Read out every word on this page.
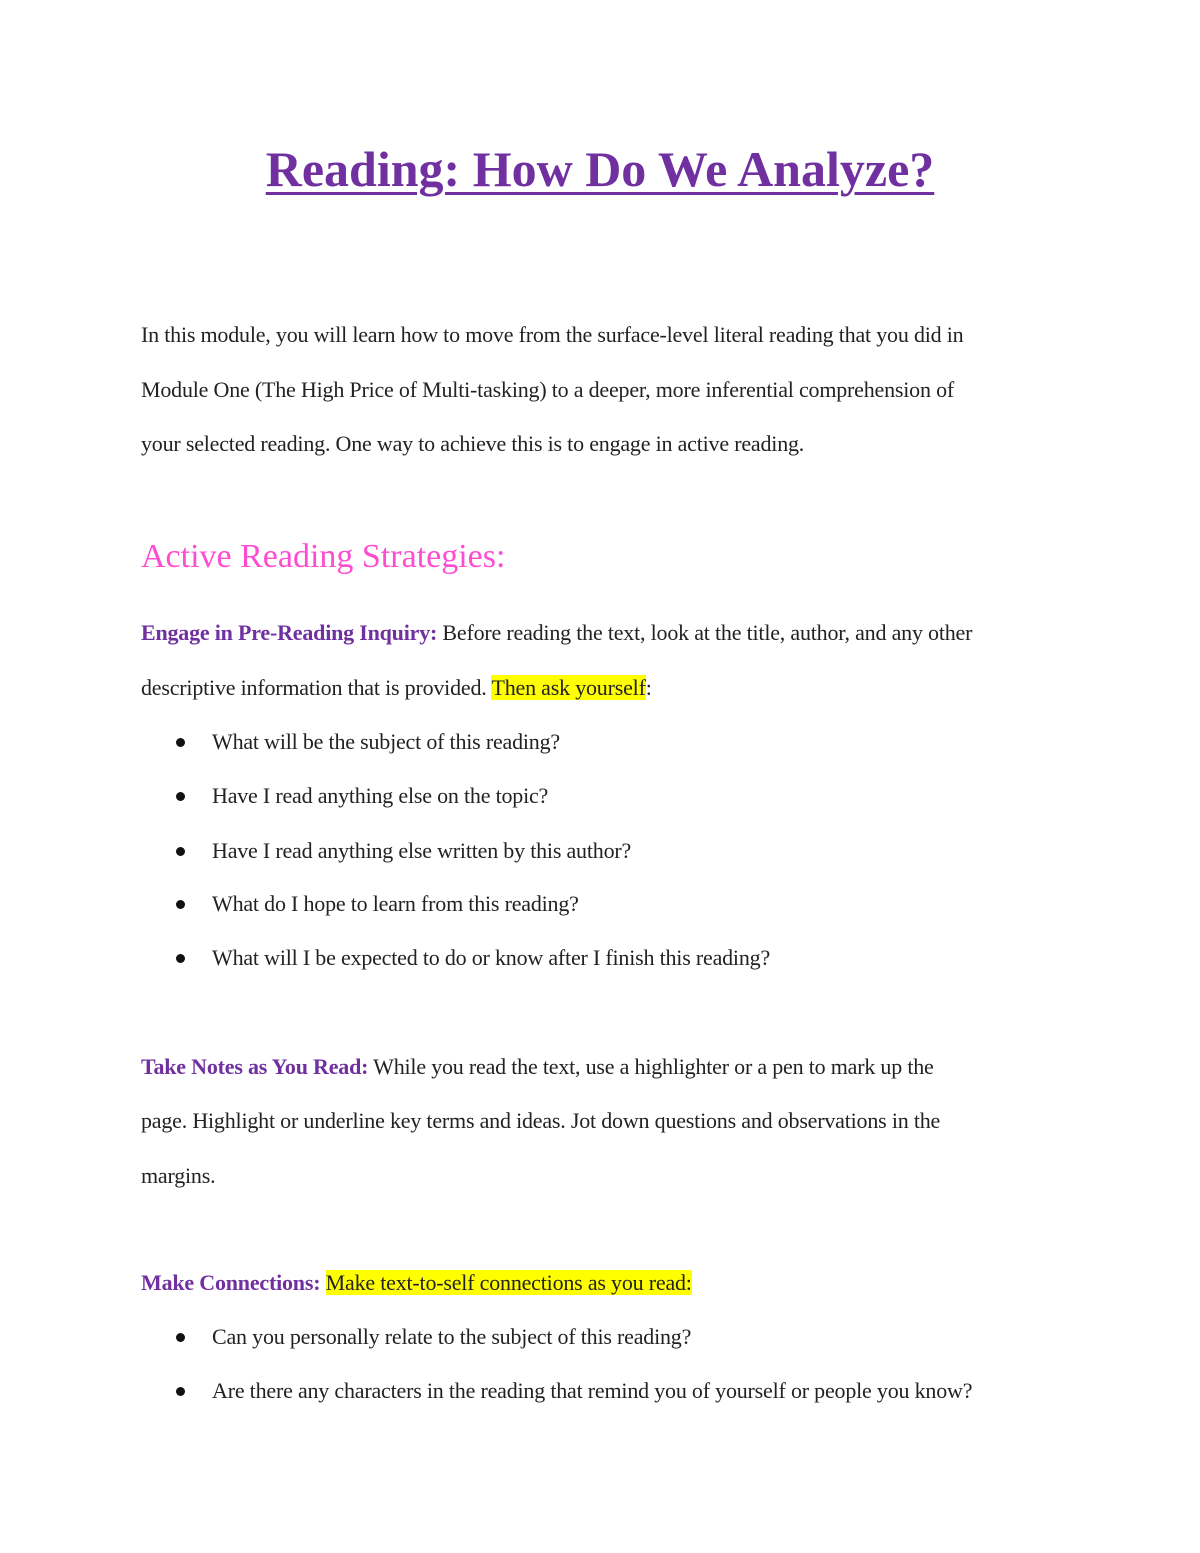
Reading: How Do We Analyze?

In this module, you will learn how to move from the surface-level literal reading that you did in

Module One (The High Price of Multi-tasking) to a deeper, more inferential comprehension of

your selected reading. One way to achieve this is to engage in active reading.

Active Reading Strategies:

Engage in Pre-Reading Inquiry: Before reading the text, look at the title, author, and any other

descriptive information that is provided. Then ask yourself:

What will be the subject of this reading?

Have I read anything else on the topic?

Have I read anything else written by this author?

What do I hope to learn from this reading?

What will I be expected to do or know after I finish this reading?

Take Notes as You Read: While you read the text, use a highlighter or a pen to mark up the

page. Highlight or underline key terms and ideas. Jot down questions and observations in the

margins.

Make Connections: Make text-to-self connections as you read:

Can you personally relate to the subject of this reading?

Are there any characters in the reading that remind you of yourself or people you know?
